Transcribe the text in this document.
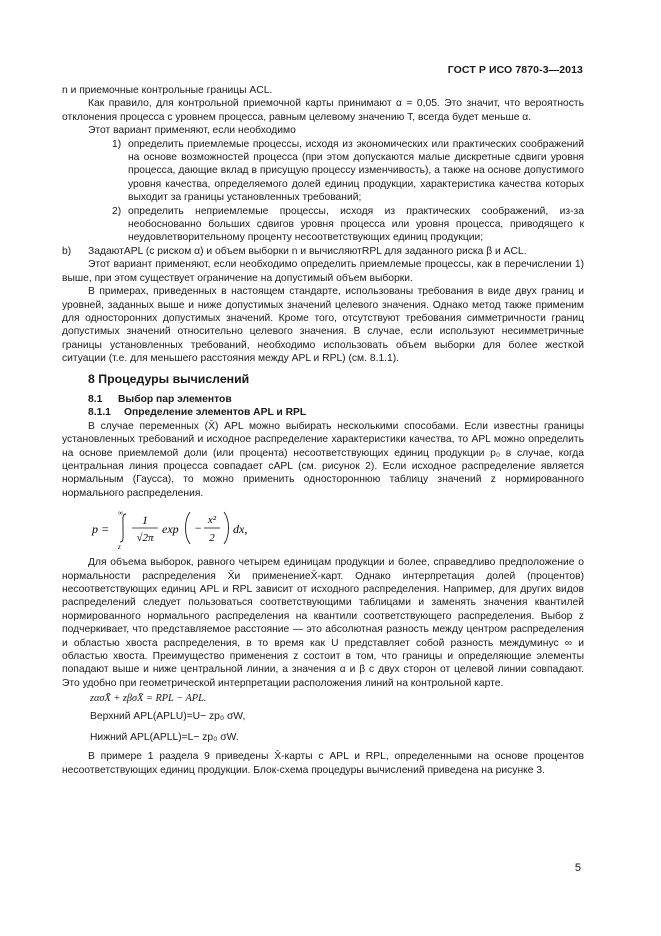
ГОСТ Р ИСО 7870-3—2013

n и приемочные контрольные границы ACL.

Как правило, для контрольной приемочной карты принимают α = 0,05. Это значит, что вероятность отклонения процесса с уровнем процесса, равным целевому значению T, всегда будет меньше α.

Этот вариант применяют, если необходимо

1) определить приемлемые процессы, исходя из экономических или практических соображений на основе возможностей процесса (при этом допускаются малые дискретные сдвиги уровня процесса, дающие вклад в присущую процессу изменчивость), а также на основе допустимого уровня качества, определяемого долей единиц продукции, характеристика качества которых выходит за границы установленных требований;
2) определить неприемлемые процессы, исходя из практических соображений, из-за необоснованно больших сдвигов уровня процесса или уровня процесса, приводящего к неудовлетворительному проценту несоответствующих единиц продукции;
b)	ЗадаютAPL (с риском α) и объем выборки n и вычисляютRPL для заданного риска β и ACL.

Этот вариант применяют, если необходимо определить приемлемые процессы, как в перечислении 1) выше, при этом существует ограничение на допустимый объем выборки.

В примерах, приведенных в настоящем стандарте, использованы требования в виде двух границ и уровней, заданных выше и ниже допустимых значений целевого значения. Однако метод также применим для односторонних допустимых значений. Кроме того, отсутствуют требования симметричности границ допустимых значений относительно целевого значения. В случае, если используют несимметричные границы установленных требований, необходимо использовать объем выборки для более жесткой ситуации (т.е. для меньшего расстояния между APL и RPL) (см. 8.1.1).

8 Процедуры вычислений
8.1 Выбор пар элементов
8.1.1 Определение элементов APL и RPL

В случае переменных (X̄) APL можно выбирать несколькими способами. Если известны границы установленных требований и исходное распределение характеристики качества, то APL можно определить на основе приемлемой доли (или процента) несоответствующих единиц продукции p₀ в случае, когда центральная линия процесса совпадает сAPL (см. рисунок 2). Если исходное распределение является нормальным (Гаусса), то можно применить одностороннюю таблицу значений z нормированного нормального распределения.

p =
∞
z
1
√2π
exp −
x²
2
dx,

Для объема выборок, равного четырем единицам продукции и более, справедливо предположение о нормальности распределения X̄и применениеX̄-карт. Однако интерпретация долей (процентов) несоответствующих единиц APL и RPL зависит от исходного распределения. Например, для других видов распределений следует пользоваться соответствующими таблицами и заменять значения квантилей нормированного нормального распределения на квантили соответствующего распределения. Выбор z подчеркивает, что представляемое расстояние — это абсолютная разность между центром распределения и областью хвоста распределения, в то время как U представляет собой разность междуминус ∞ и областью хвоста. Преимущество применения z состоит в том, что границы и определяющие элементы попадают выше и ниже центральной линии, а значения α и β с двух сторон от целевой линии совпадают. Это удобно при геометрической интерпретации расположения линий на контрольной карте.

zασX̄ + zβσX̄ = RPL − APL.

Верхний APL(APLU)=U− zp₀ σW,

Нижний APL(APLL)=L− zp₀ σW.

В примере 1 раздела 9 приведены X̄-карты с APL и RPL, определенными на основе процентов несоответствующих единиц продукции. Блок-схема процедуры вычислений приведена на рисунке 3.

5
